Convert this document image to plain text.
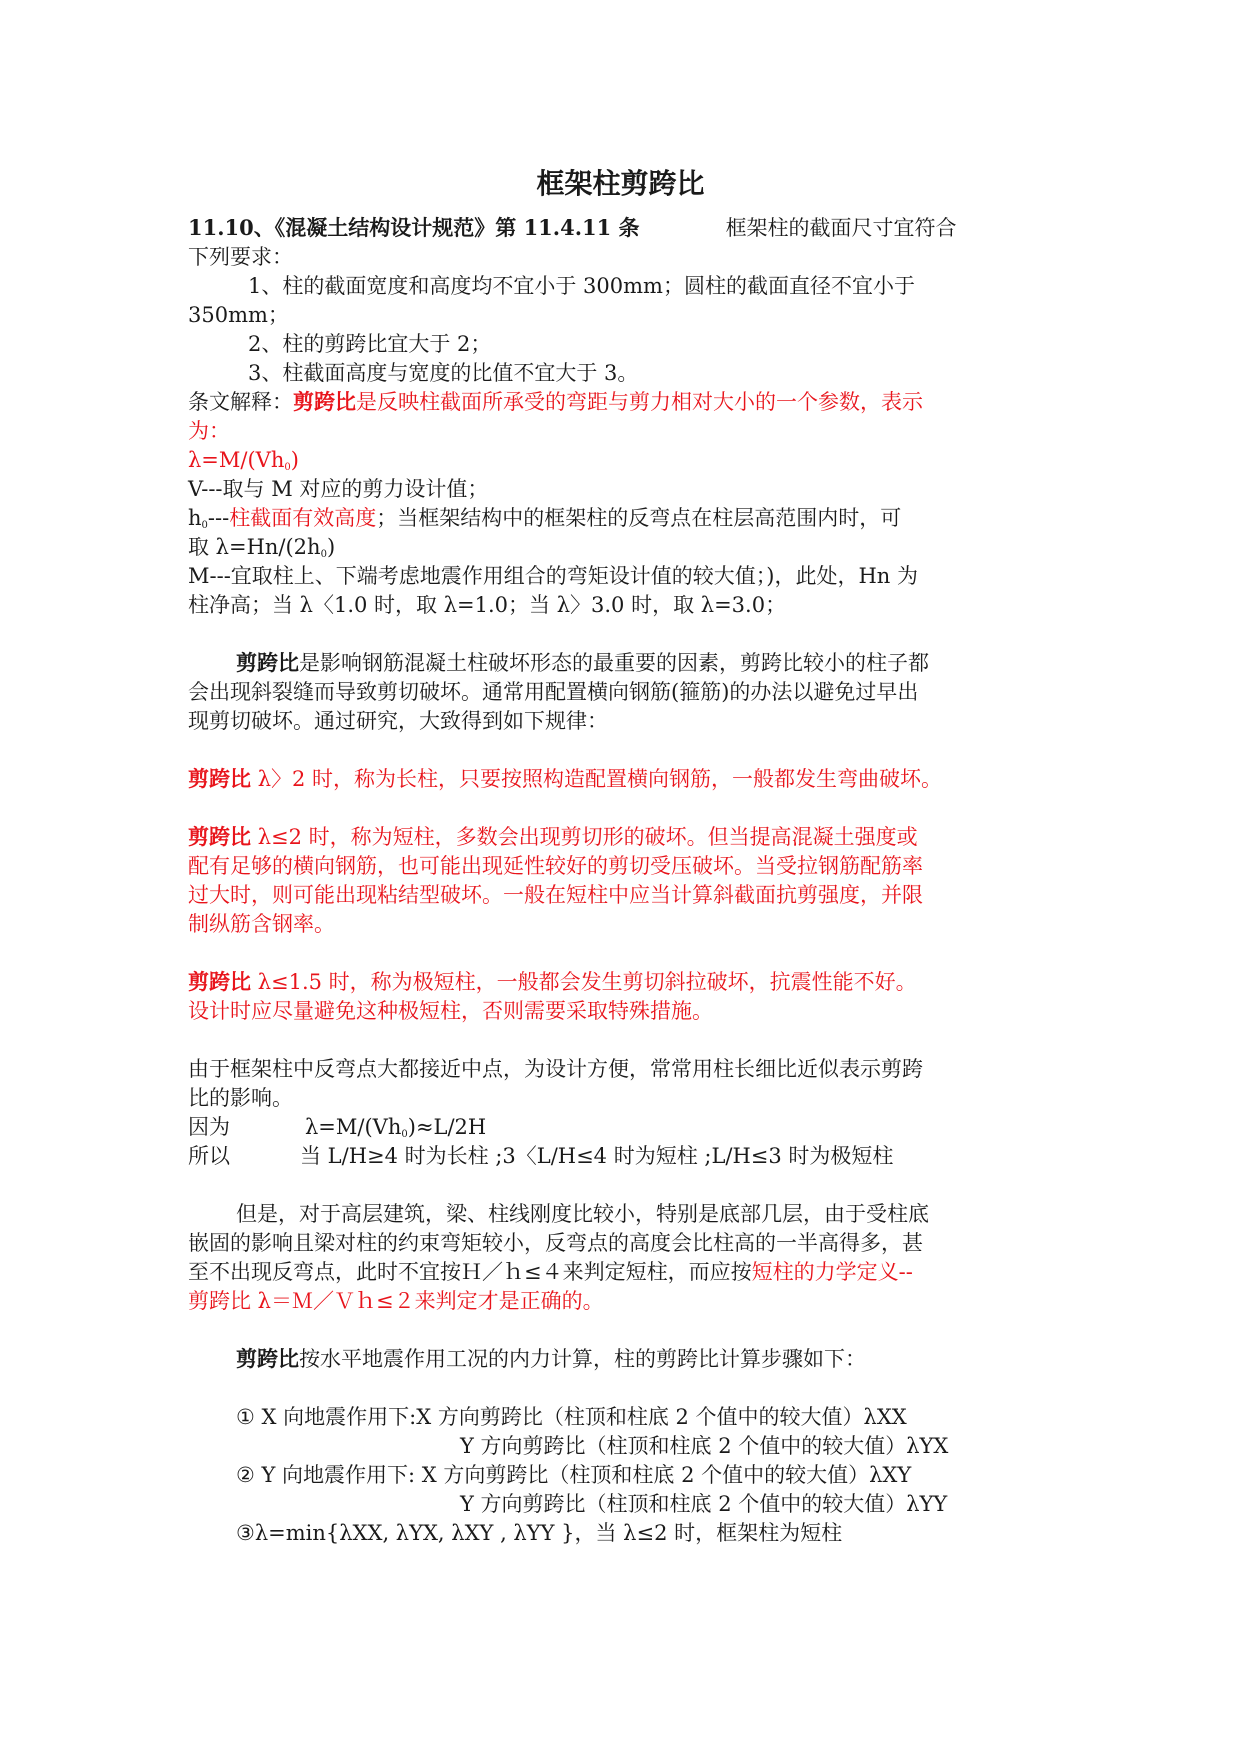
框架柱剪跨比
11.10、《混凝土结构设计规范》第 11.4.11 条	框架柱的截面尺寸宜符合
下列要求：
1、柱的截面宽度和高度均不宜小于 300mm；圆柱的截面直径不宜小于
350mm；
2、柱的剪跨比宜大于 2；
3、柱截面高度与宽度的比值不宜大于 3。
条文解释：剪跨比是反映柱截面所承受的弯距与剪力相对大小的一个参数，表示
为：
$\lambda=M/(Vh_0)$
V---取与 M 对应的剪力设计值；
$h_0---$柱截面有效高度；当框架结构中的框架柱的反弯点在柱层高范围内时，可
取 $\lambda=Hn/(2h_0)$
M---宜取柱上、下端考虑地震作用组合的弯矩设计值的较大值；)，此处，Hn 为
柱净高；当 λ〈1.0 时，取 λ=1.0；当 λ〉3.0 时，取 λ=3.0；
剪跨比是影响钢筋混凝土柱破坏形态的最重要的因素，剪跨比较小的柱子都
会出现斜裂缝而导致剪切破坏。通常用配置横向钢筋(箍筋)的办法以避免过早出
现剪切破坏。通过研究，大致得到如下规律：
剪跨比 λ〉2 时，称为长柱，只要按照构造配置横向钢筋，一般都发生弯曲破坏。
剪跨比 λ≤2 时，称为短柱，多数会出现剪切形的破坏。但当提高混凝土强度或
配有足够的横向钢筋，也可能出现延性较好的剪切受压破坏。当受拉钢筋配筋率
过大时，则可能出现粘结型破坏。一般在短柱中应当计算斜截面抗剪强度，并限
制纵筋含钢率。
剪跨比 λ≤1.5 时，称为极短柱，一般都会发生剪切斜拉破坏，抗震性能不好。
设计时应尽量避免这种极短柱，否则需要采取特殊措施。
由于框架柱中反弯点大都接近中点，为设计方便，常常用柱长细比近似表示剪跨
比的影响。
因为	$\lambda=M/(Vh_0)\approx L/2H$
所以	当 L/H≥4 时为长柱 ;3〈L/H≤4 时为短柱 ;L/H≤3 时为极短柱
但是，对于高层建筑，梁、柱线刚度比较小，特别是底部几层，由于受柱底
嵌固的影响且梁对柱的约束弯矩较小，反弯点的高度会比柱高的一半高得多，甚
至不出现反弯点，此时不宜按Ｈ／ｈ≤４来判定短柱，而应按短柱的力学定义--
剪跨比 λ＝Ｍ／Ｖｈ≤２来判定才是正确的。
剪跨比按水平地震作用工况的内力计算，柱的剪跨比计算步骤如下：
① X 向地震作用下:X 方向剪跨比（柱顶和柱底 2 个值中的较大值）λXX
Y 方向剪跨比（柱顶和柱底 2 个值中的较大值）λYX
② Y 向地震作用下: X 方向剪跨比（柱顶和柱底 2 个值中的较大值）λXY
Y 方向剪跨比（柱顶和柱底 2 个值中的较大值）λYY
③λ=min{λXX, λYX, λXY , λYY }，当 λ≤2 时，框架柱为短柱
